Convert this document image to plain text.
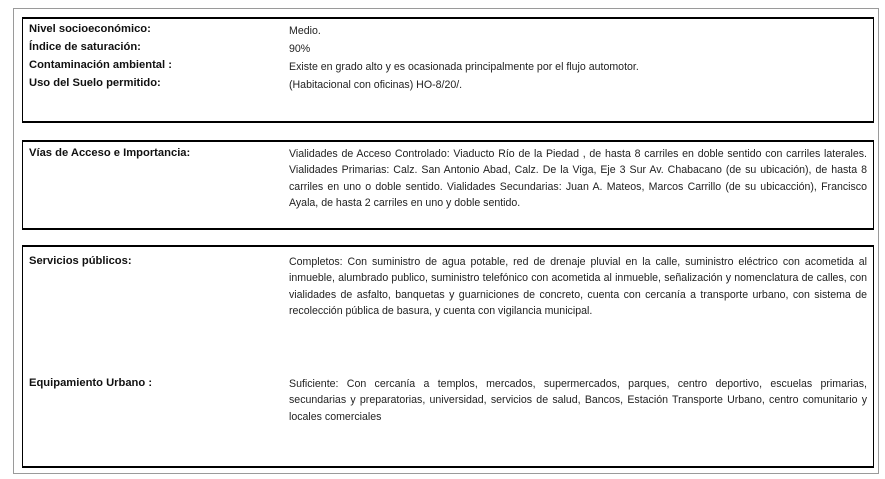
Nivel socioeconómico:	Medio.
Índice de saturación:	90%
Contaminación ambiental :	Existe en grado alto y es ocasionada principalmente por el flujo automotor.
Uso del Suelo permitido:	(Habitacional con oficinas) HO-8/20/.
Vías de Acceso e Importancia:	Vialidades de Acceso Controlado: Viaducto Río de la Piedad , de hasta 8 carriles en doble sentido con carriles laterales. Vialidades Primarias: Calz. San Antonio Abad, Calz. De la Viga, Eje 3 Sur Av. Chabacano (de su ubicación), de hasta 8 carriles en uno o doble sentido. Vialidades Secundarias: Juan A. Mateos, Marcos Carrillo (de su ubicacción), Francisco Ayala, de hasta 2 carriles en uno y doble sentido.
Servicios públicos:	Completos: Con suministro de agua potable, red de drenaje pluvial en la calle, suministro eléctrico con acometida al inmueble, alumbrado publico, suministro telefónico con acometida al inmueble, señalización y nomenclatura de calles, con vialidades de asfalto, banquetas y guarniciones de concreto, cuenta con cercanía a transporte urbano, con sistema de recolección pública de basura, y cuenta con vigilancia municipal.
Equipamiento Urbano :	Suficiente: Con cercanía a templos, mercados, supermercados, parques, centro deportivo, escuelas primarias, secundarias y preparatorias, universidad, servicios de salud, Bancos, Estación Transporte Urbano, centro comunitario y locales comerciales
